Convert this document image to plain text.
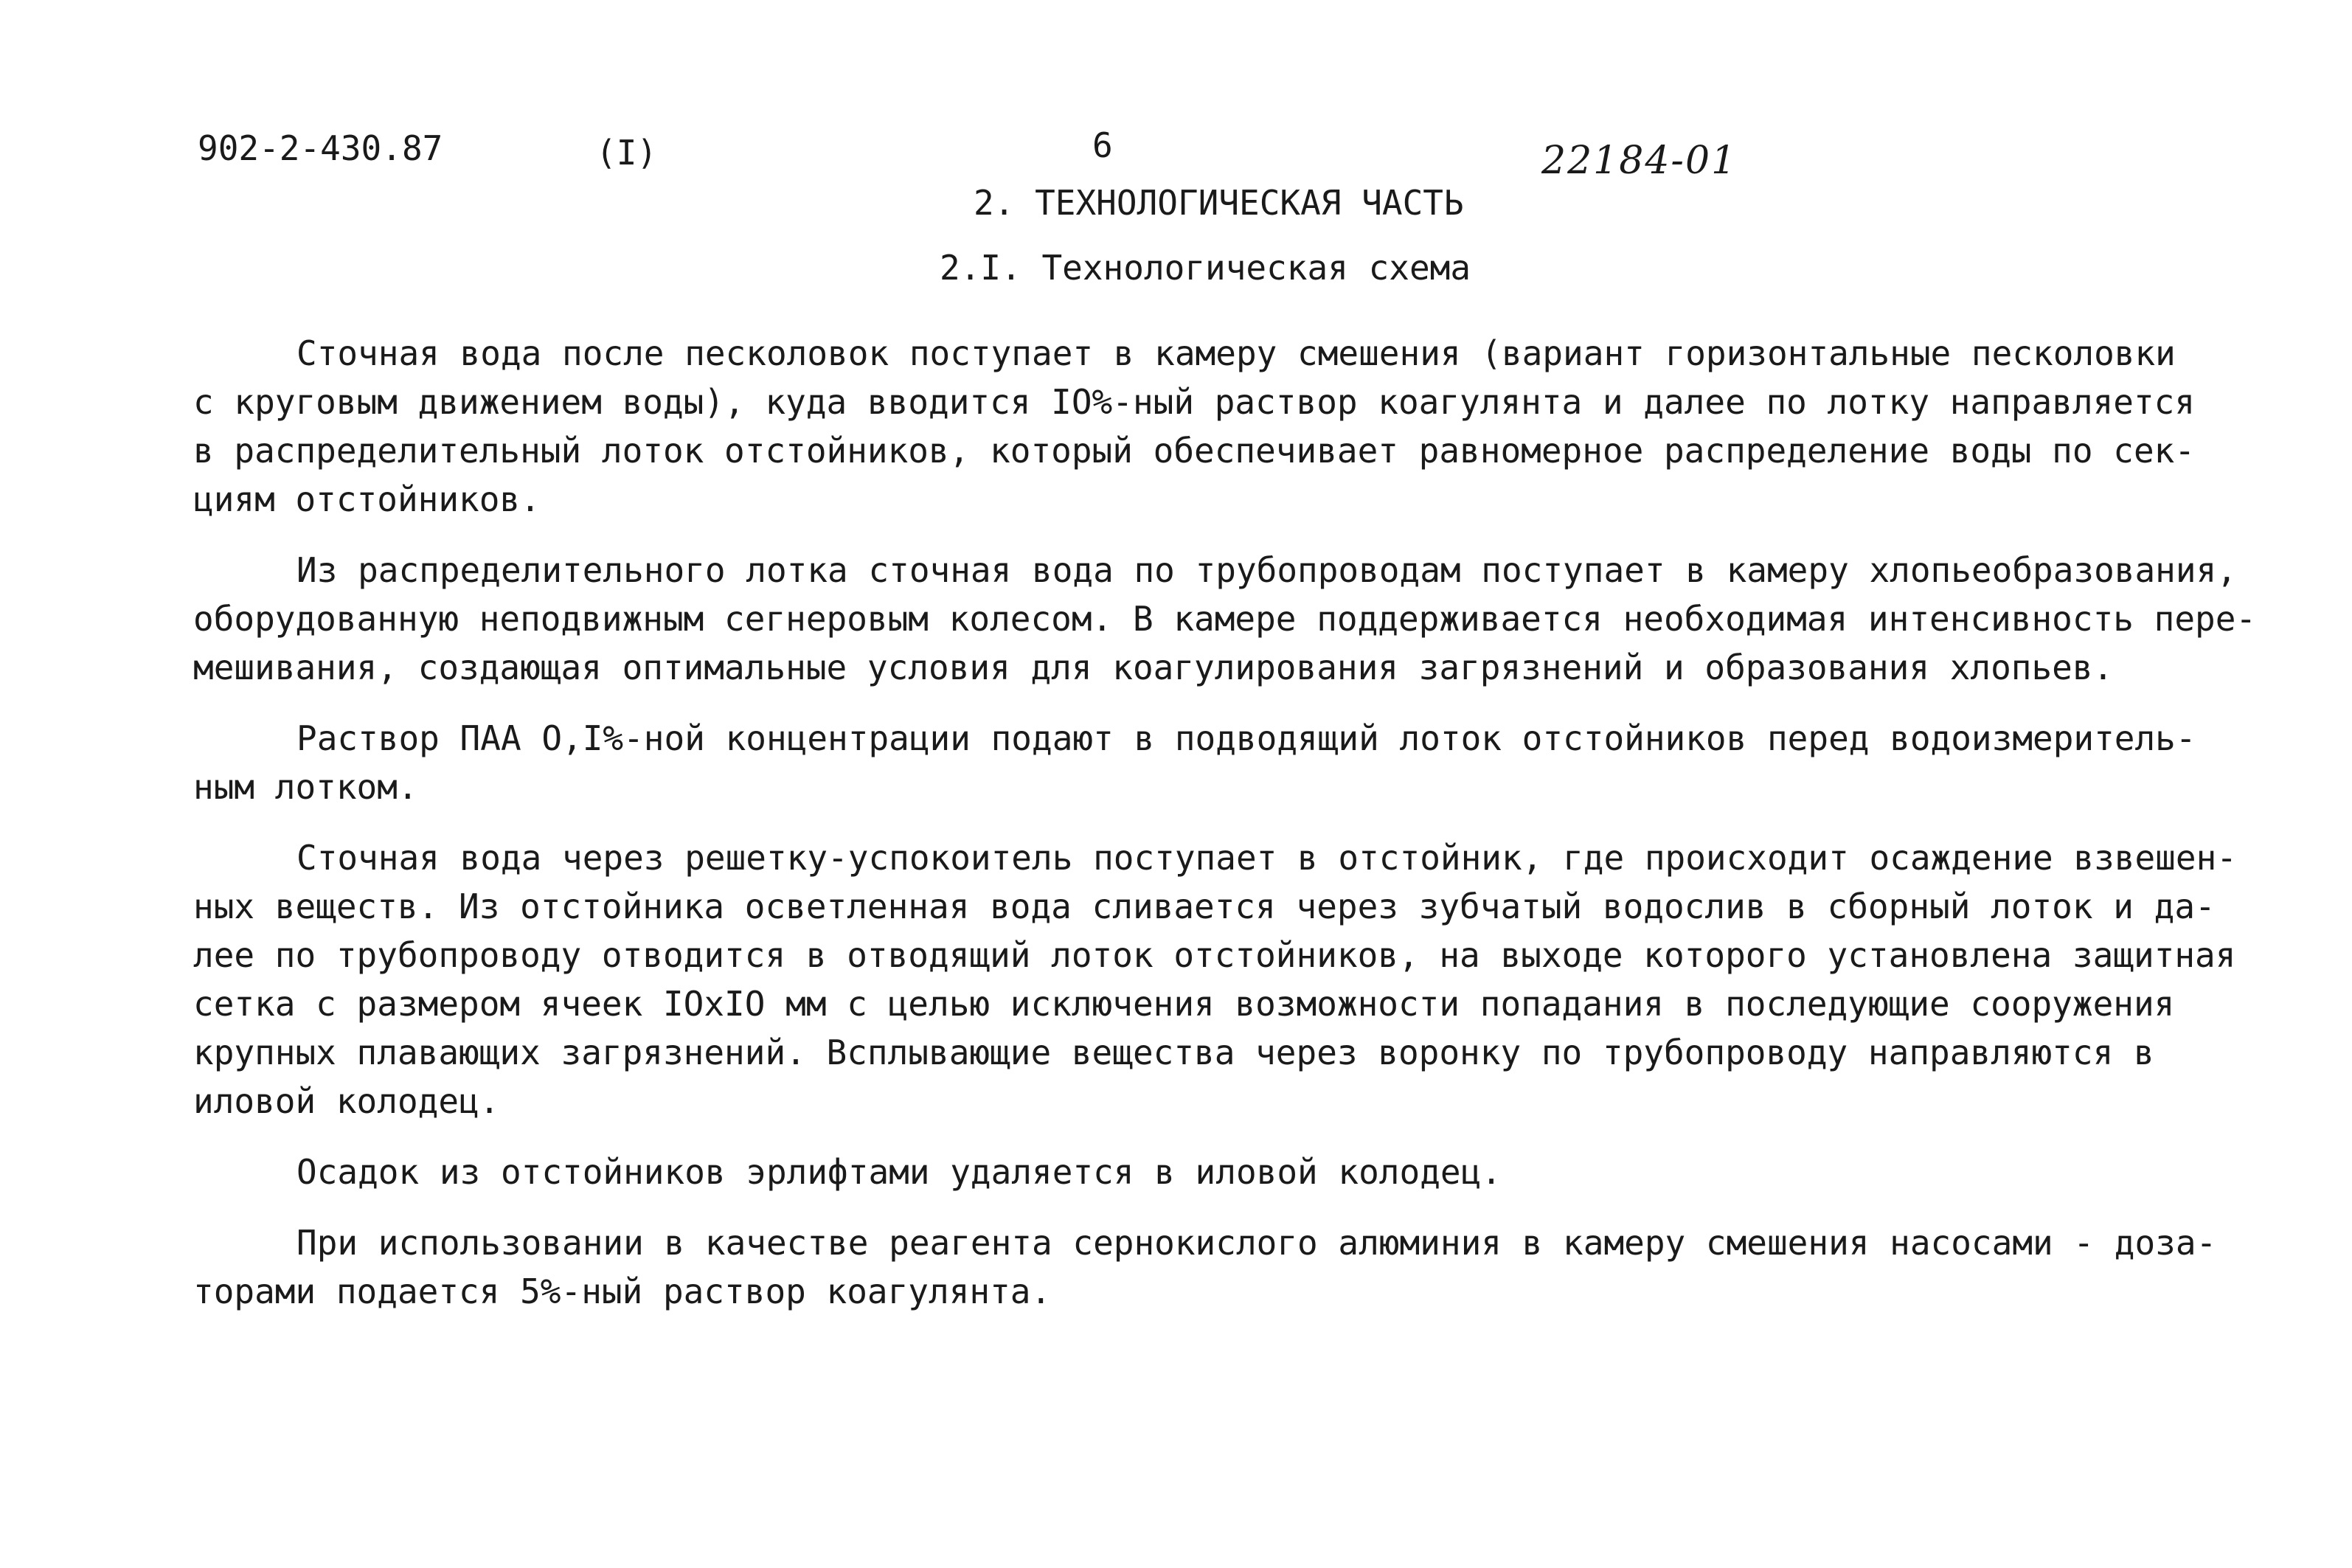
902-2-430.87	(I)	6	22184-01
2. ТЕХНОЛОГИЧЕСКАЯ ЧАСТЬ
2.I. Технологическая схема

Сточная вода после песколовок поступает в камеру смешения (вариант горизонтальные песколовки
с круговым движением воды), куда вводится IO%-ный раствор коагулянта и далее по лотку направляется
в распределительный лоток отстойников, который обеспечивает равномерное распределение воды по сек-
циям отстойников.

Из распределительного лотка сточная вода по трубопроводам поступает в камеру хлопьеобразования,
оборудованную неподвижным сегнеровым колесом. В камере поддерживается необходимая интенсивность пере-
мешивания, создающая оптимальные условия для коагулирования загрязнений и образования хлопьев.

Раствор ПАА О,I%-ной концентрации подают в подводящий лоток отстойников перед водоизмеритель-
ным лотком.

Сточная вода через решетку-успокоитель поступает в отстойник, где происходит осаждение взвешен-
ных веществ. Из отстойника осветленная вода сливается через зубчатый водослив в сборный лоток и да-
лее по трубопроводу отводится в отводящий лоток отстойников, на выходе которого установлена защитная
сетка с размером ячеек IOxIO мм с целью исключения возможности попадания в последующие сооружения
крупных плавающих загрязнений. Всплывающие вещества через воронку по трубопроводу направляются в
иловой колодец.

Осадок из отстойников эрлифтами удаляется в иловой колодец.

При использовании в качестве реагента сернокислого алюминия в камеру смешения насосами - доза-
торами подается 5%-ный раствор коагулянта.
